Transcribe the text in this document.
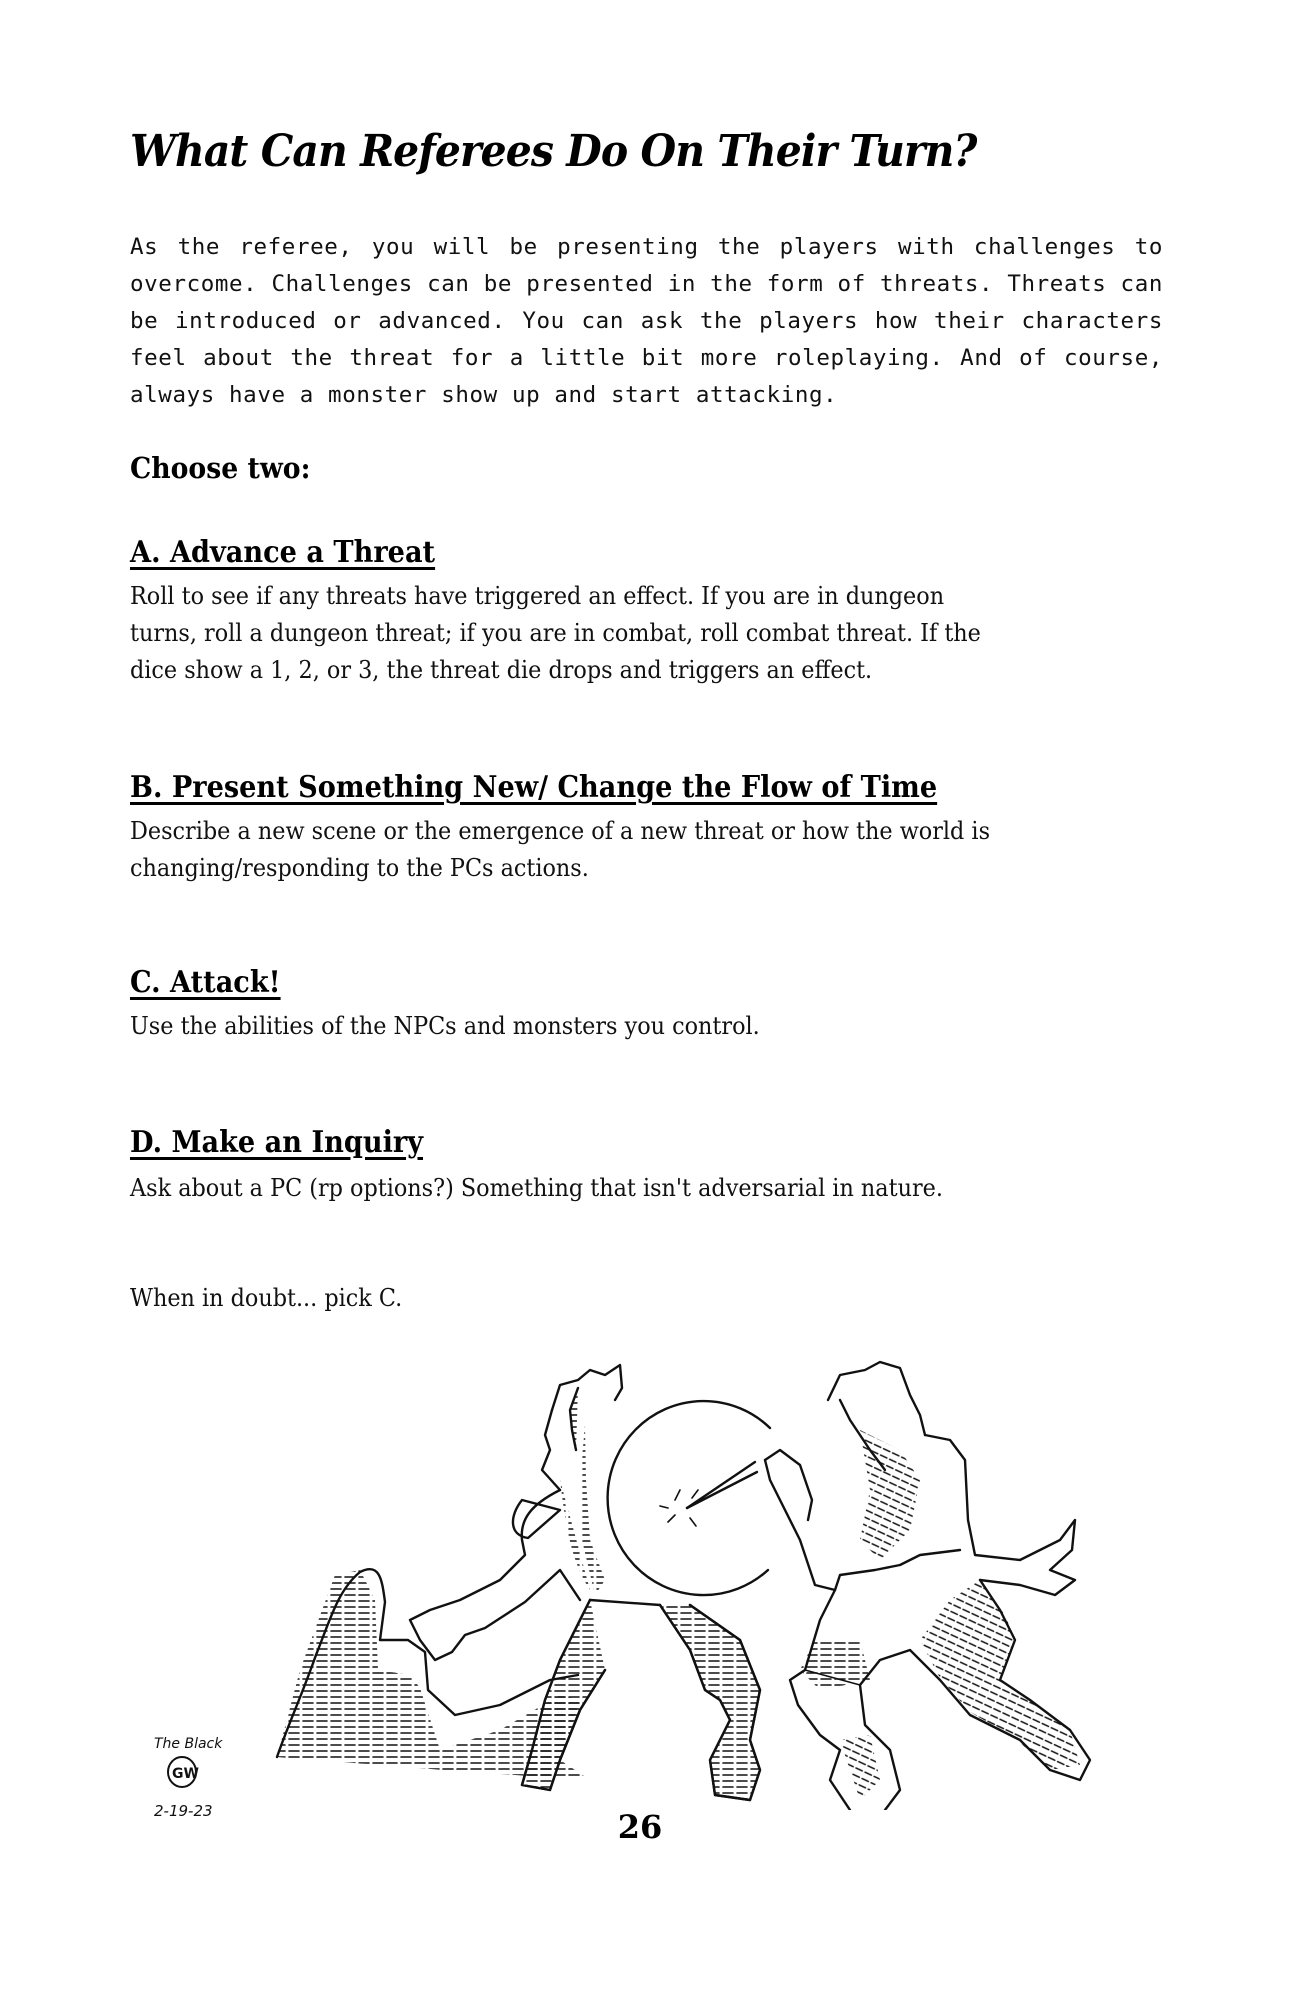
What Can Referees Do On Their Turn?
As the referee, you will be presenting the players with challenges to
overcome. Challenges can be presented in the form of threats. Threats can
be introduced or advanced. You can ask the players how their characters
feel about the threat for a little bit more roleplaying. And of course,
always have a monster show up and start attacking.
Choose two:
A. Advance a Threat
Roll to see if any threats have triggered an effect. If you are in dungeon
turns, roll a dungeon threat; if you are in combat, roll combat threat. If the
dice show a 1, 2, or 3, the threat die drops and triggers an effect.
B. Present Something New/ Change the Flow of Time
Describe a new scene or the emergence of a new threat or how the world is
changing/responding to the PCs actions.
C. Attack!
Use the abilities of the NPCs and monsters you control.
D. Make an Inquiry
Ask about a PC (rp options?) Something that isn't adversarial in nature.
When in doubt... pick C.
The Black
GW
2-19-23	26
